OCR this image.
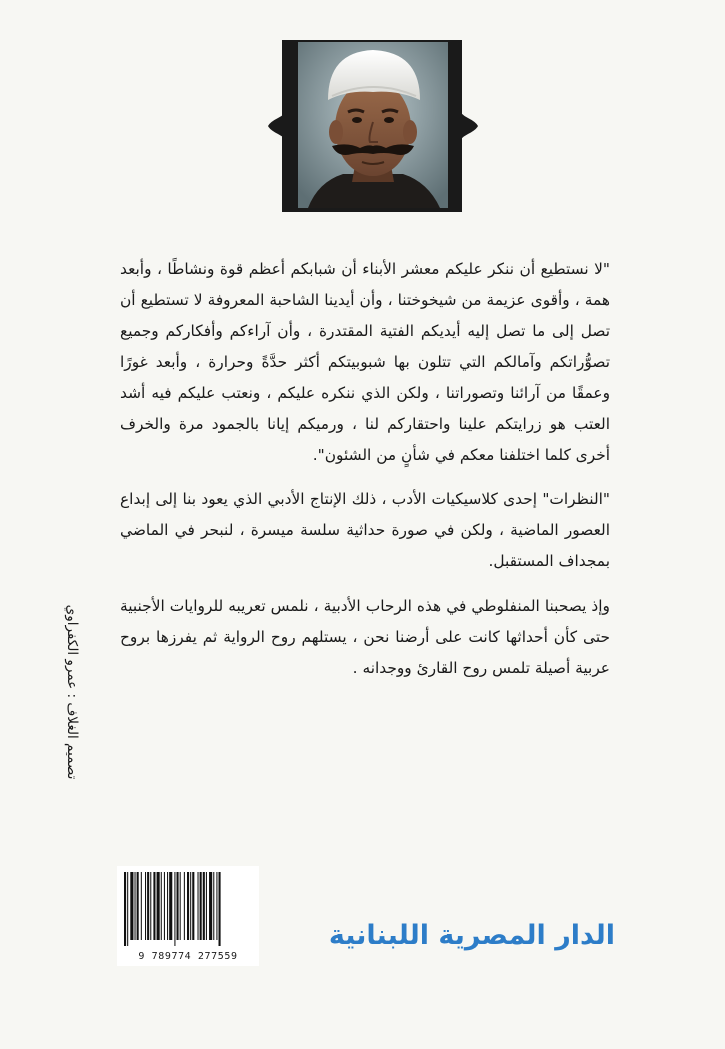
"لا نستطيع أن ننكر عليكم معشر الأبناء أن شبابكم أعظم قوة ونشاطًا ، وأبعد همة ، وأقوى عزيمة من شيخوختنا ، وأن أيدينا الشاحبة المعروفة لا تستطيع أن تصل إلى ما تصل إليه أيديكم الفتية المقتدرة ، وأن آراءكم وأفكاركم وجميع تصوُّراتكم وآمالكم التي تتلون بها شبوبيتكم أكثر حدَّةً وحرارة ، وأبعد غورًا وعمقًا من آرائنا وتصوراتنا ، ولكن الذي ننكره عليكم ، ونعتب عليكم فيه أشد العتب هو زرايتكم علينا واحتقاركم لنا ، ورميكم إيانا بالجمود مرة والخرف أخرى كلما اختلفنا معكم في شأنٍ من الشئون".

"النظرات" إحدى كلاسيكيات الأدب ، ذلك الإنتاج الأدبي الذي يعود بنا إلى إبداع العصور الماضية ، ولكن في صورة حداثية سلسة ميسرة ، لنبحر في الماضي بمجداف المستقبل.

وإذ يصحبنا المنفلوطي في هذه الرحاب الأدبية ، نلمس تعريبه للروايات الأجنبية حتى كأن أحداثها كانت على أرضنا نحن ، يستلهم روح الرواية ثم يفرزها بروح عربية أصيلة تلمس روح القارئ ووجدانه .

تصميم الغلاف : عمرو الكفراوي
9 789774 277559
الدار المصرية اللبنانية
